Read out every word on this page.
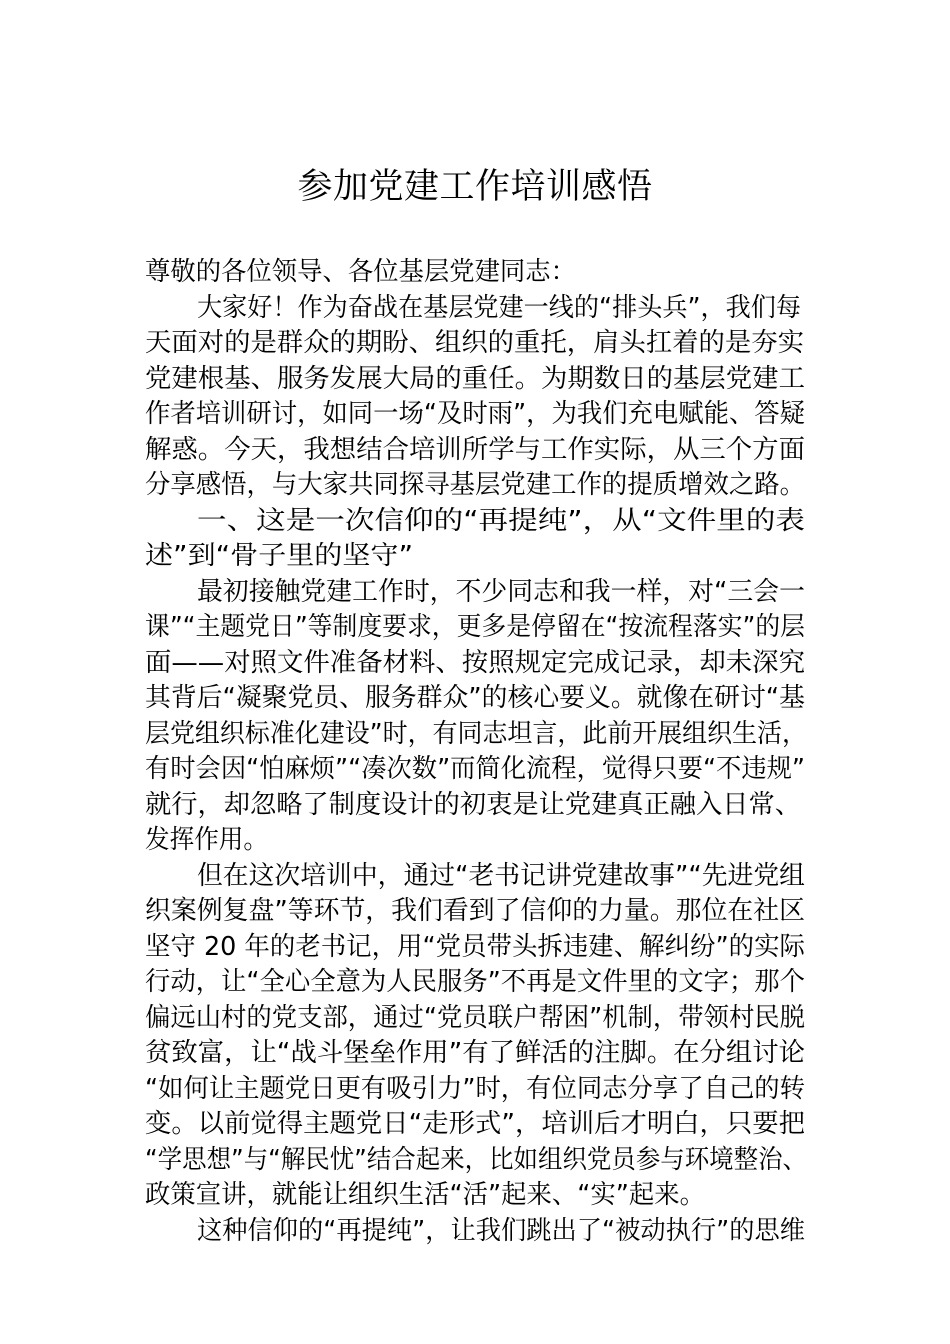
参加党建工作培训感悟
尊敬的各位领导、各位基层党建同志：
大家好！作为奋战在基层党建一线的“排头兵”，我们每
天面对的是群众的期盼、组织的重托，肩头扛着的是夯实
党建根基、服务发展大局的重任。为期数日的基层党建工
作者培训研讨，如同一场“及时雨”，为我们充电赋能、答疑
解惑。今天，我想结合培训所学与工作实际，从三个方面
分享感悟，与大家共同探寻基层党建工作的提质增效之路。
一、这是一次信仰的“再提纯”，从“文件里的表
述”到“骨子里的坚守”
最初接触党建工作时，不少同志和我一样，对“三会一
课”“主题党日”等制度要求，更多是停留在“按流程落实”的层
面——对照文件准备材料、按照规定完成记录，却未深究
其背后“凝聚党员、服务群众”的核心要义。就像在研讨“基
层党组织标准化建设”时，有同志坦言，此前开展组织生活，
有时会因“怕麻烦”“凑次数”而简化流程，觉得只要“不违规”
就行，却忽略了制度设计的初衷是让党建真正融入日常、
发挥作用。
但在这次培训中，通过“老书记讲党建故事”“先进党组
织案例复盘”等环节，我们看到了信仰的力量。那位在社区
坚守 20 年的老书记，用“党员带头拆违建、解纠纷”的实际
行动，让“全心全意为人民服务”不再是文件里的文字；那个
偏远山村的党支部，通过“党员联户帮困”机制，带领村民脱
贫致富，让“战斗堡垒作用”有了鲜活的注脚。在分组讨论
“如何让主题党日更有吸引力”时，有位同志分享了自己的转
变。以前觉得主题党日“走形式”，培训后才明白，只要把
“学思想”与“解民忧”结合起来，比如组织党员参与环境整治、
政策宣讲，就能让组织生活“活”起来、“实”起来。
这种信仰的“再提纯”，让我们跳出了“被动执行”的思维
